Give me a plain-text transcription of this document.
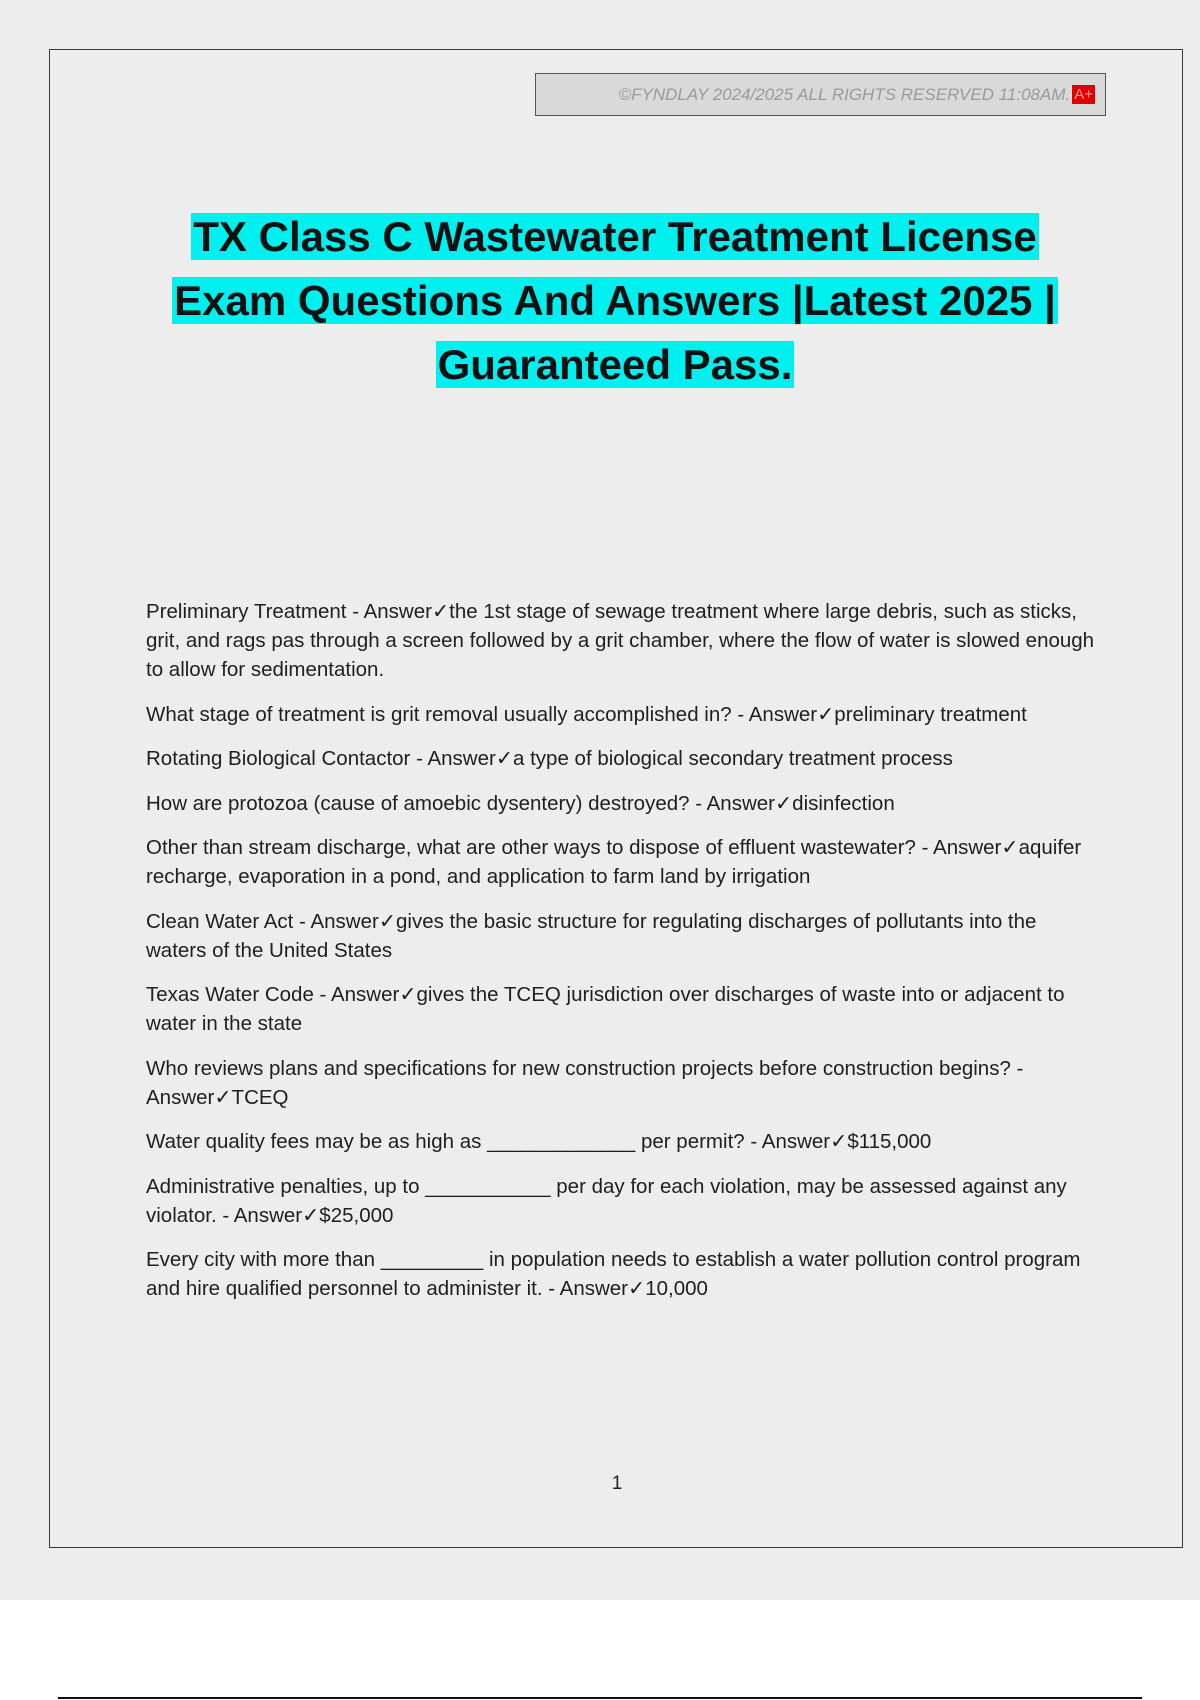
©FYNDLAY 2024/2025 ALL RIGHTS RESERVED 11:08AM. A+
TX Class C Wastewater Treatment License
Exam Questions And Answers |Latest 2025 |
Guaranteed Pass.

Preliminary Treatment - Answer✓the 1st stage of sewage treatment where large debris, such as sticks, grit, and rags pas through a screen followed by a grit chamber, where the flow of water is slowed enough to allow for sedimentation.

What stage of treatment is grit removal usually accomplished in? - Answer✓preliminary treatment

Rotating Biological Contactor - Answer✓a type of biological secondary treatment process

How are protozoa (cause of amoebic dysentery) destroyed? - Answer✓disinfection

Other than stream discharge, what are other ways to dispose of effluent wastewater? - Answer✓aquifer recharge, evaporation in a pond, and application to farm land by irrigation

Clean Water Act - Answer✓gives the basic structure for regulating discharges of pollutants into the waters of the United States

Texas Water Code - Answer✓gives the TCEQ jurisdiction over discharges of waste into or adjacent to water in the state

Who reviews plans and specifications for new construction projects before construction begins? - Answer✓TCEQ

Water quality fees may be as high as _____________ per permit? - Answer✓$115,000

Administrative penalties, up to ___________ per day for each violation, may be assessed against any violator. - Answer✓$25,000

Every city with more than _________ in population needs to establish a water pollution control program and hire qualified personnel to administer it. - Answer✓10,000

1
